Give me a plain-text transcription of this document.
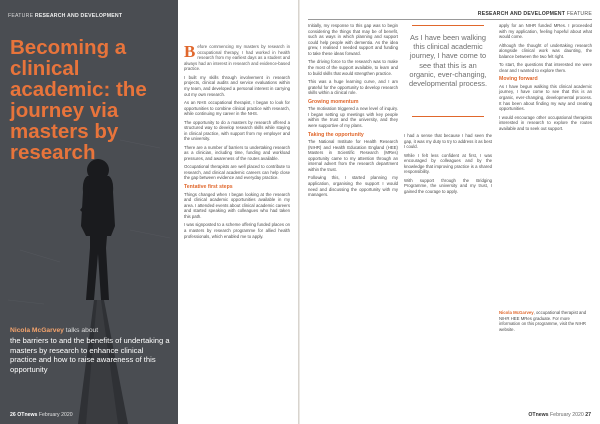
FEATURE RESEARCH AND DEVELOPMENT
Becoming a clinical academic: the journey via masters by research
Nicola McGarvey talks about
the barriers to and the benefits of undertaking a masters by research to enhance clinical practice and how to raise awareness of this opportunity
26 OTnews February 2020

Before commencing my masters by research in occupational therapy, I had worked in health research from my earliest days as a student and always had an interest in research and evidence-based practice.

I built my skills through involvement in research projects, clinical audits and service evaluations within my team, and developed a personal interest in carrying out my own research.

As an NHS occupational therapist, I began to look for opportunities to combine clinical practice with research, while continuing my career in the NHS.

The opportunity to do a masters by research offered a structured way to develop research skills while staying in clinical practice, with support from my employer and the university.

There are a number of barriers to undertaking research as a clinician, including time, funding and workload pressures, and awareness of the routes available.

Occupational therapists are well placed to contribute to research, and clinical academic careers can help close the gap between evidence and everyday practice.

Tentative first steps

Things changed when I began looking at the research and clinical academic opportunities available in my area. I attended events about clinical academic careers and started speaking with colleagues who had taken this path.

I was signposted to a scheme offering funded places on a masters by research programme for allied health professionals, which enabled me to apply.

RESEARCH AND DEVELOPMENT FEATURE

Initially, my response to this gap was to begin considering the things that may be of benefit, such as ways in which planning and support could help people with dementia. As the idea grew, I realised I needed support and funding to take these ideas forward.

The driving force to the research was to make the most of the support available, to learn and to build skills that would strengthen practice.

This was a huge learning curve, and I am grateful for the opportunity to develop research skills within a clinical role.

Growing momentum

The motivation triggered a new level of inquiry. I began setting up meetings with key people within the trust and the university, and they were supportive of my plans.

Taking the opportunity

The National Institute for Health Research (NIHR) and Health Education England (HEE) Masters in Scientific Research (MRes) opportunity came to my attention through an internal advert from the research department within the trust.

Following this, I started planning my application, organising the support I would need and discussing the opportunity with my managers.

As I have been walking this clinical academic journey, I have come to see that this is an organic, ever-changing, developmental process.

I had a sense that because I had seen the gap, it was my duty to try to address it as best I could.

While I felt less confident at first, I was encouraged by colleagues and by the knowledge that improving practice is a shared responsibility.

With support through the Bridging Programme, the university and my trust, I gained the courage to apply.

apply for an NIHR funded MRes. I proceeded with my application, feeling hopeful about what would come.

Although the thought of undertaking research alongside clinical work was daunting, the balance between the two felt right.

To start, the questions that interested me were clear and I wanted to explore them.

Moving forward

As I have begun walking this clinical academic journey, I have come to see that this is an organic, ever-changing, developmental process. It has been about finding my way and creating opportunities.

I would encourage other occupational therapists interested in research to explore the routes available and to seek out support.

Nicola McGarvey, occupational therapist and NIHR HEE MRes graduate. For more information on this programme, visit the NIHR website.
OTnews February 2020 27
